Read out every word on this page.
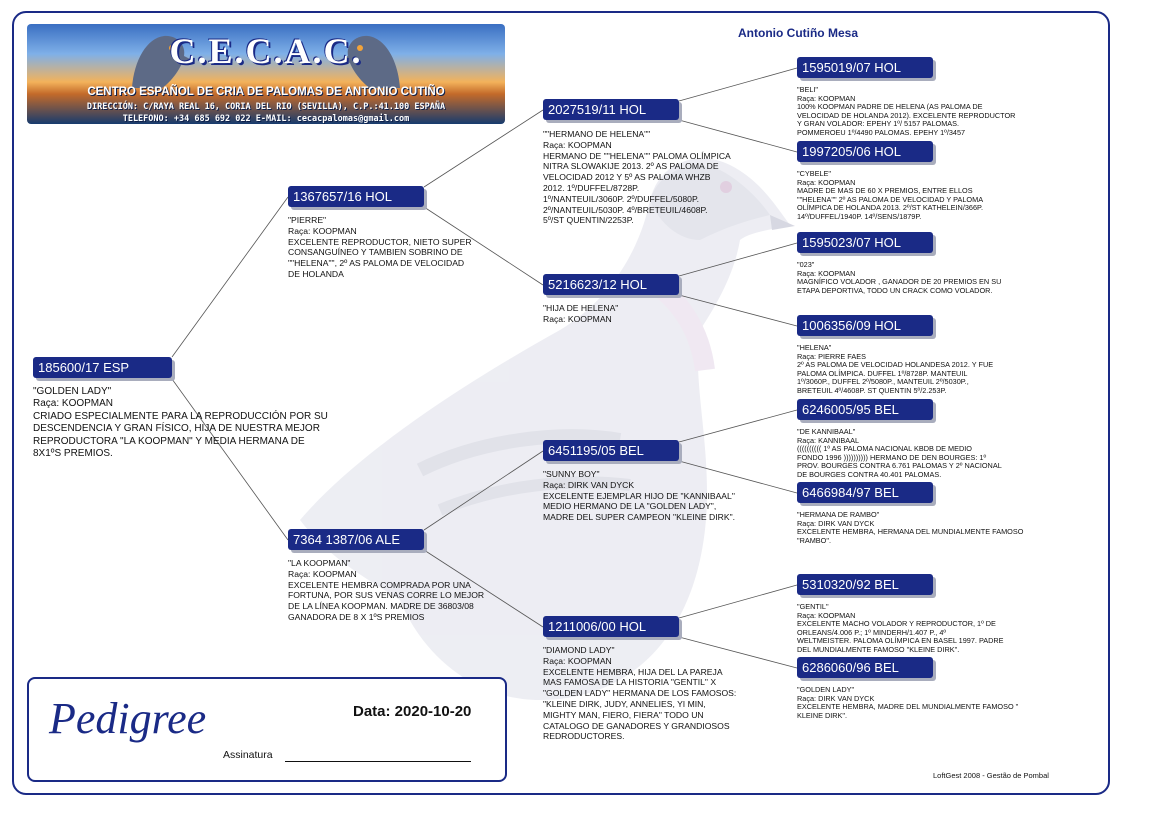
C.E.C.A.C.
CENTRO ESPAÑOL DE CRIA DE PALOMAS DE ANTONIO CUTIÑO
DIRECCIÓN: C/RAYA REAL 16, CORIA DEL RIO (SEVILLA), C.P.:41.100 ESPAÑA
TELEFONO: +34 685 692 022 E-MAIL: cecacpalomas@gmail.com
Antonio Cutiño Mesa
185600/17 ESP
"GOLDEN LADY"
Raça: KOOPMAN
CRIADO ESPECIALMENTE PARA LA REPRODUCCIÓN POR SU
DESCENDENCIA Y GRAN FÍSICO, HIJA DE NUESTRA MEJOR
REPRODUCTORA "LA KOOPMAN" Y MEDIA HERMANA DE
8X1ºS PREMIOS.
1367657/16 HOL
"PIERRE"
Raça: KOOPMAN
EXCELENTE REPRODUCTOR, NIETO SUPER
CONSANGUÍNEO Y TAMBIEN SOBRINO DE
""HELENA"", 2º AS PALOMA DE VELOCIDAD
DE HOLANDA
7364 1387/06 ALE
"LA KOOPMAN"
Raça: KOOPMAN
EXCELENTE HEMBRA COMPRADA POR UNA
FORTUNA, POR SUS VENAS CORRE LO MEJOR
DE LA LÍNEA KOOPMAN. MADRE DE 36803/08
GANADORA DE 8 X 1ºS PREMIOS
2027519/11 HOL
""HERMANO DE HELENA""
Raça: KOOPMAN
HERMANO DE ""HELENA"" PALOMA OLÍMPICA
NITRA SLOWAKIJE 2013. 2º AS PALOMA DE
VELOCIDAD 2012 Y 5º AS PALOMA WHZB
2012. 1º/DUFFEL/8728P.
1º/NANTEUIL/3060P. 2º/DUFFEL/5080P.
2º/NANTEUIL/5030P. 4º/BRETEUIL/4608P.
5º/ST QUENTIN/2253P.
5216623/12 HOL
"HIJA DE HELENA"
Raça: KOOPMAN
6451195/05 BEL
"SUNNY BOY"
Raça: DIRK VAN DYCK
EXCELENTE EJEMPLAR HIJO DE "KANNIBAAL"
MEDIO HERMANO DE LA "GOLDEN LADY",
MADRE DEL SUPER CAMPEON "KLEINE DIRK".
1211006/00 HOL
"DIAMOND LADY"
Raça: KOOPMAN
EXCELENTE HEMBRA, HIJA DEL LA PAREJA
MAS FAMOSA DE LA HISTORIA "GENTIL" X
"GOLDEN LADY" HERMANA DE LOS FAMOSOS:
"KLEINE DIRK, JUDY, ANNELIES, YI MIN,
MIGHTY MAN, FIERO, FIERA" TODO UN
CATALOGO DE GANADORES Y GRANDIOSOS
REDRODUCTORES.
1595019/07 HOL
"BELI"
Raça: KOOPMAN
100% KOOPMAN PADRE DE HELENA (AS PALOMA DE
VELOCIDAD DE HOLANDA 2012). EXCELENTE REPRODUCTOR
Y GRAN VOLADOR: EPEHY 1º/ 5157 PALOMAS.
POMMEROEU 1º/4490 PALOMAS. EPEHY 1º/3457
1997205/06 HOL
"CYBELE"
Raça: KOOPMAN
MADRE DE MAS DE 60 X PREMIOS, ENTRE ELLOS
""HELENA"" 2º AS PALOMA DE VELOCIDAD Y PALOMA
OLÍMPICA DE HOLANDA 2013. 2º/ST KATHELEIN/366P.
14º/DUFFEL/1940P. 14º/SENS/1879P.
1595023/07 HOL
"023"
Raça: KOOPMAN
MAGNÍFICO VOLADOR , GANADOR DE 20 PREMIOS EN SU
ETAPA DEPORTIVA, TODO UN CRACK COMO VOLADOR.
1006356/09 HOL
"HELENA"
Raça: PIERRE FAES
2º AS PALOMA DE VELOCIDAD HOLANDESA 2012. Y FUE
PALOMA OLÍMPICA. DUFFEL 1º/8728P. MANTEUIL
1º/3060P., DUFFEL 2º/5080P., MANTEUIL 2º/5030P.,
BRETEUIL 4º/4608P. ST QUENTIN 5º/2.253P.
6246005/95 BEL
"DE KANNIBAAL"
Raça: KANNIBAAL
(((((((((( 1º AS PALOMA NACIONAL KBDB DE MEDIO
FONDO 1996 )))))))))) HERMANO DE DEN BOURGES: 1º
PROV. BOURGES CONTRA 6.761 PALOMAS Y 2º NACIONAL
DE BOURGES CONTRA 40.401 PALOMAS.
6466984/97 BEL
"HERMANA DE RAMBO"
Raça: DIRK VAN DYCK
EXCELENTE HEMBRA, HERMANA DEL MUNDIALMENTE FAMOSO
"RAMBO".
5310320/92 BEL
"GENTIL"
Raça: KOOPMAN
EXCELENTE MACHO VOLADOR Y REPRODUCTOR, 1º DE
ORLEANS/4.006 P.; 1º MINDERH/1.407 P., 4º
WELTMEISTER. PALOMA OLÍMPICA EN BASEL 1997. PADRE
DEL MUNDIALMENTE FAMOSO "KLEINE DIRK".
6286060/96 BEL
"GOLDEN LADY"
Raça: DIRK VAN DYCK
EXCELENTE HEMBRA, MADRE DEL MUNDIALMENTE FAMOSO "
KLEINE DIRK".
Pedigree	Data: 2020-10-20
Assinatura
LoftGest 2008 - Gestão de Pombal
